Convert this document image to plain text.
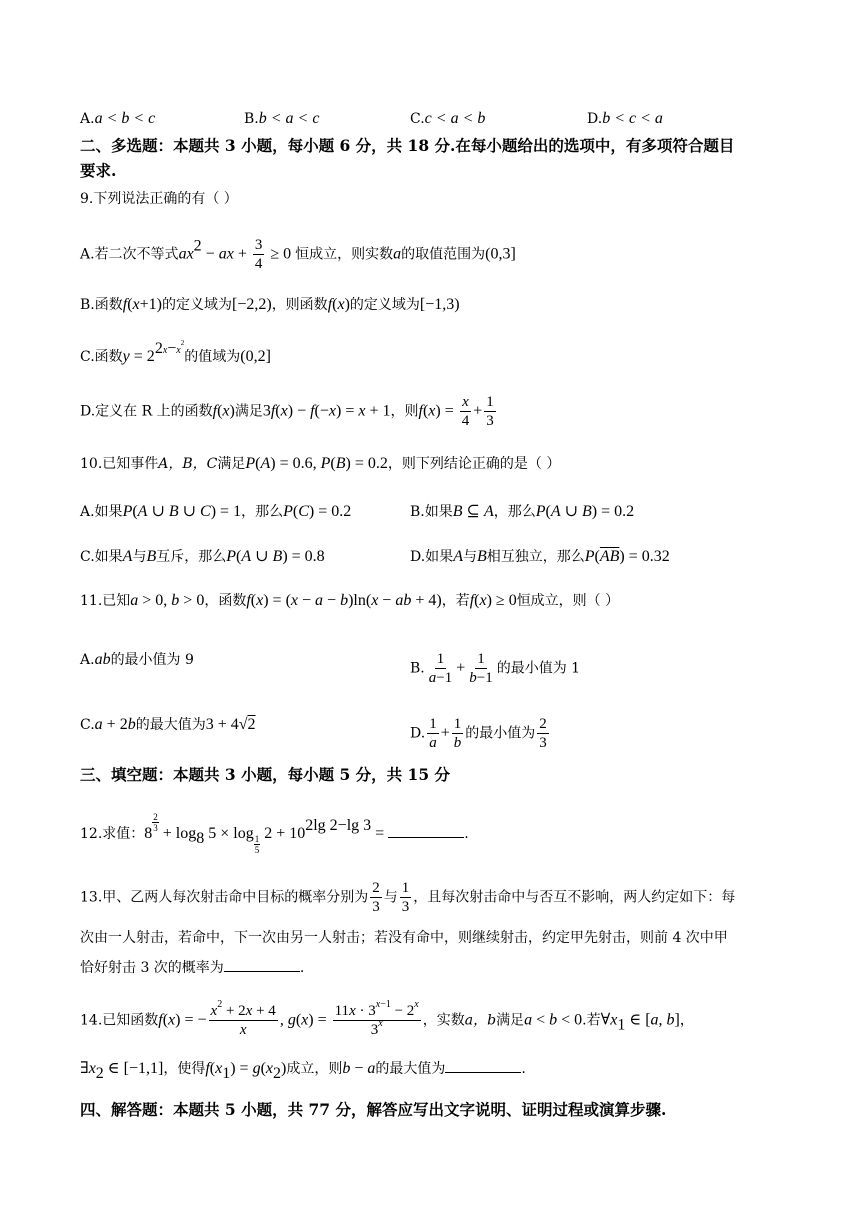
A.a < b < c	B.b < a < c	C.c < a < b	D.b < c < a
二、多选题：本题共 3 小题，每小题 6 分，共 18 分.在每小题给出的选项中，有多项符合题目
要求.
9.下列说法正确的有（ ）
A.若二次不等式$ax^2$ − ax + $\frac{3}{4} \ge 0$ 恒成立，则实数a的取值范围为(0,3]
B.函数f(x+1)的定义域为[−2,2)，则函数f(x)的定义域为[−1,3)
C.函数$y = 2^{2x-x^2}$的值域为(0,2]
D.定义在 R 上的函数f(x)满足3f(x) − f(−x) = x + 1，则$f(x) = \frac{x}{4} + \frac{1}{3}$
10.已知事件A，B，C满足P(A) = 0.6, P(B) = 0.2，则下列结论正确的是（ ）
A.如果P(A ∪ B ∪ C) = 1，那么P(C) = 0.2	B.如果B ⊆ A，那么P(A ∪ B) = 0.2
C.如果A与B互斥，那么P(A ∪ B) = 0.8	D.如果A与B相互独立，那么$P(\overline{AB}) = 0.32$
11.已知a > 0, b > 0，函数f(x) = (x − a − b)ln(x − ab + 4)，若f(x) ≥ 0恒成立，则（ ）
A.ab的最小值为 9
B. $\frac{1}{a-1} + \frac{1}{b-1}$ 的最小值为 1
C.a + 2b的最大值为3 + 4√2
D. $\frac{1}{a} + \frac{1}{b}$ 的最小值为 $\frac{2}{3}$
三、填空题：本题共 3 小题，每小题 5 分，共 15 分
12.求值：8
$^{\frac{2}{3}}$
+ $\log_8 5 \times \log$
$_{\frac{1}{5}}$
$2 + 10^{2lg 2-lg 3}$ =	.
13.甲、乙两人每次射击命中目标的概率分别为 $\frac{2}{3}$ 与 $\frac{1}{3}$ ，且每次射击命中与否互不影响，两人约定如下：每
次由一人射击，若命中，下一次由另一人射击；若没有命中，则继续射击，约定甲先射击，则前 4 次中甲
恰好射击 3 次的概率为	.
14.已知函数f(x) = − $\frac{x^2 + 2x + 4}{x}$ , $g(x) = \frac{11x \cdot 3^{x-1} - 2^x}{3^x}$ ，实数a，b满足a < b < 0.若$\forall x_1$ ∈ [a, b]，
$\exists x_2$ ∈ [−1,1]，使得$f(x_1) = g(x_2)$成立，则b − a的最大值为	.
四、解答题：本题共 5 小题，共 77 分，解答应写出文字说明、证明过程或演算步骤.
